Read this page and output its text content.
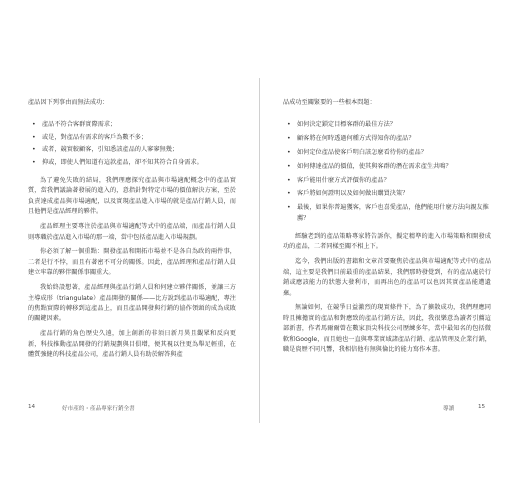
產品因下列事由而無法成功：

• 產品不符合客群實際需求；
• 或是，對產品有需求的客戶為數不多；
• 或者，競實較顧客，引知悉該產品的人寥寥無幾；
• 抑或，即使人們知道有這款產品，卻不知其符合自身需求。

為了避免失敗的結局，我們理應探究產品與市場適配概念中的產品實質，當我們議論著發展的進入的，意指針對特定市場的價值解決方案，至於負責達成產品與市場適配，以及實現產品進入市場的就是產品行銷人員，而且他們是產品經理的夥伴。

產品經理主要專注於產品與市場適配等式中的產品端，而產品行銷人員則專職於產品進入市場的那一端，當中包括產品進入市場規劃。

你必須了解一個重點：開發產品和開拓市場並不是各自為政的兩件事，二者是行不悖，而且有著密不可分的關係。因此，產品經理和產品行銷人員建立牢靠的夥伴關係事關重大。

我始終設想著，產品經理與產品行銷人員和何建立夥伴關係，並讓三方主導成形（triangulate）產品開發的關係——比方說到產品市場適配，專注的焦點實際的轉移到這產品上，而且產品開發與行銷的協作領頭的成為成敗的關鍵因素。

產品行銷的角色歷史久遠，加上創新的非須日新月異且觀眾和反向更新，科技推動產品開發的行銷規劃與目俱增，便其視以往更為舉足輕重，在體質強健的科技產品公司，產品行銷人員有助於解答與產

品成功至關緊要的一些根本問題：

• 如何決定鎖定目標客群的最佳方法？
• 顧客將在何時透過何種方式得知你的產品？
• 如何定位產品使客戶明白該怎麼看待你的產品？
• 如何傳達產品的價值，使其與客群的潛在需求產生共鳴？
• 客戶能用什麼方式評價你的產品？
• 客戶將如何證明以及如何做出購買決策？
• 最後，如果你普遍獲客，客戶也喜愛產品，他們能用什麼方法向親友推薦？

經驗老到的產品策略專家將告訴你，擬定精準的進入市場策略和開發成功的產品，二者同樣至關不相上下。

迄今，我們出版的書籍和文章首要聚焦於產品與市場適配等式中的產品端，這主要是我們目前最重的產品結果，我們那時發覺到，有的產品處於行銷或應該能力的狀態大發利市，而再出色的產品可以也因其實產品能遭遺棄。

無論如何，在競爭日益激烈的現實條件下，為了擴散成功，我們理應同時且擁擔實的產品和對應致的產品行銷方法，因此，我很樂意為讀者引薦這部新書，作者馬爾爾曾在數家頂尖科技公司歷練多年，當中最知名的包括微軟和Google，而且她也一直與專業實域諸產品行銷、產品管理及企業行銷，職是資歷不同凡響，我相信他有無與倫比的能力寫作本書。

14	好市產的・產品專家行銷全書	導讀	15
